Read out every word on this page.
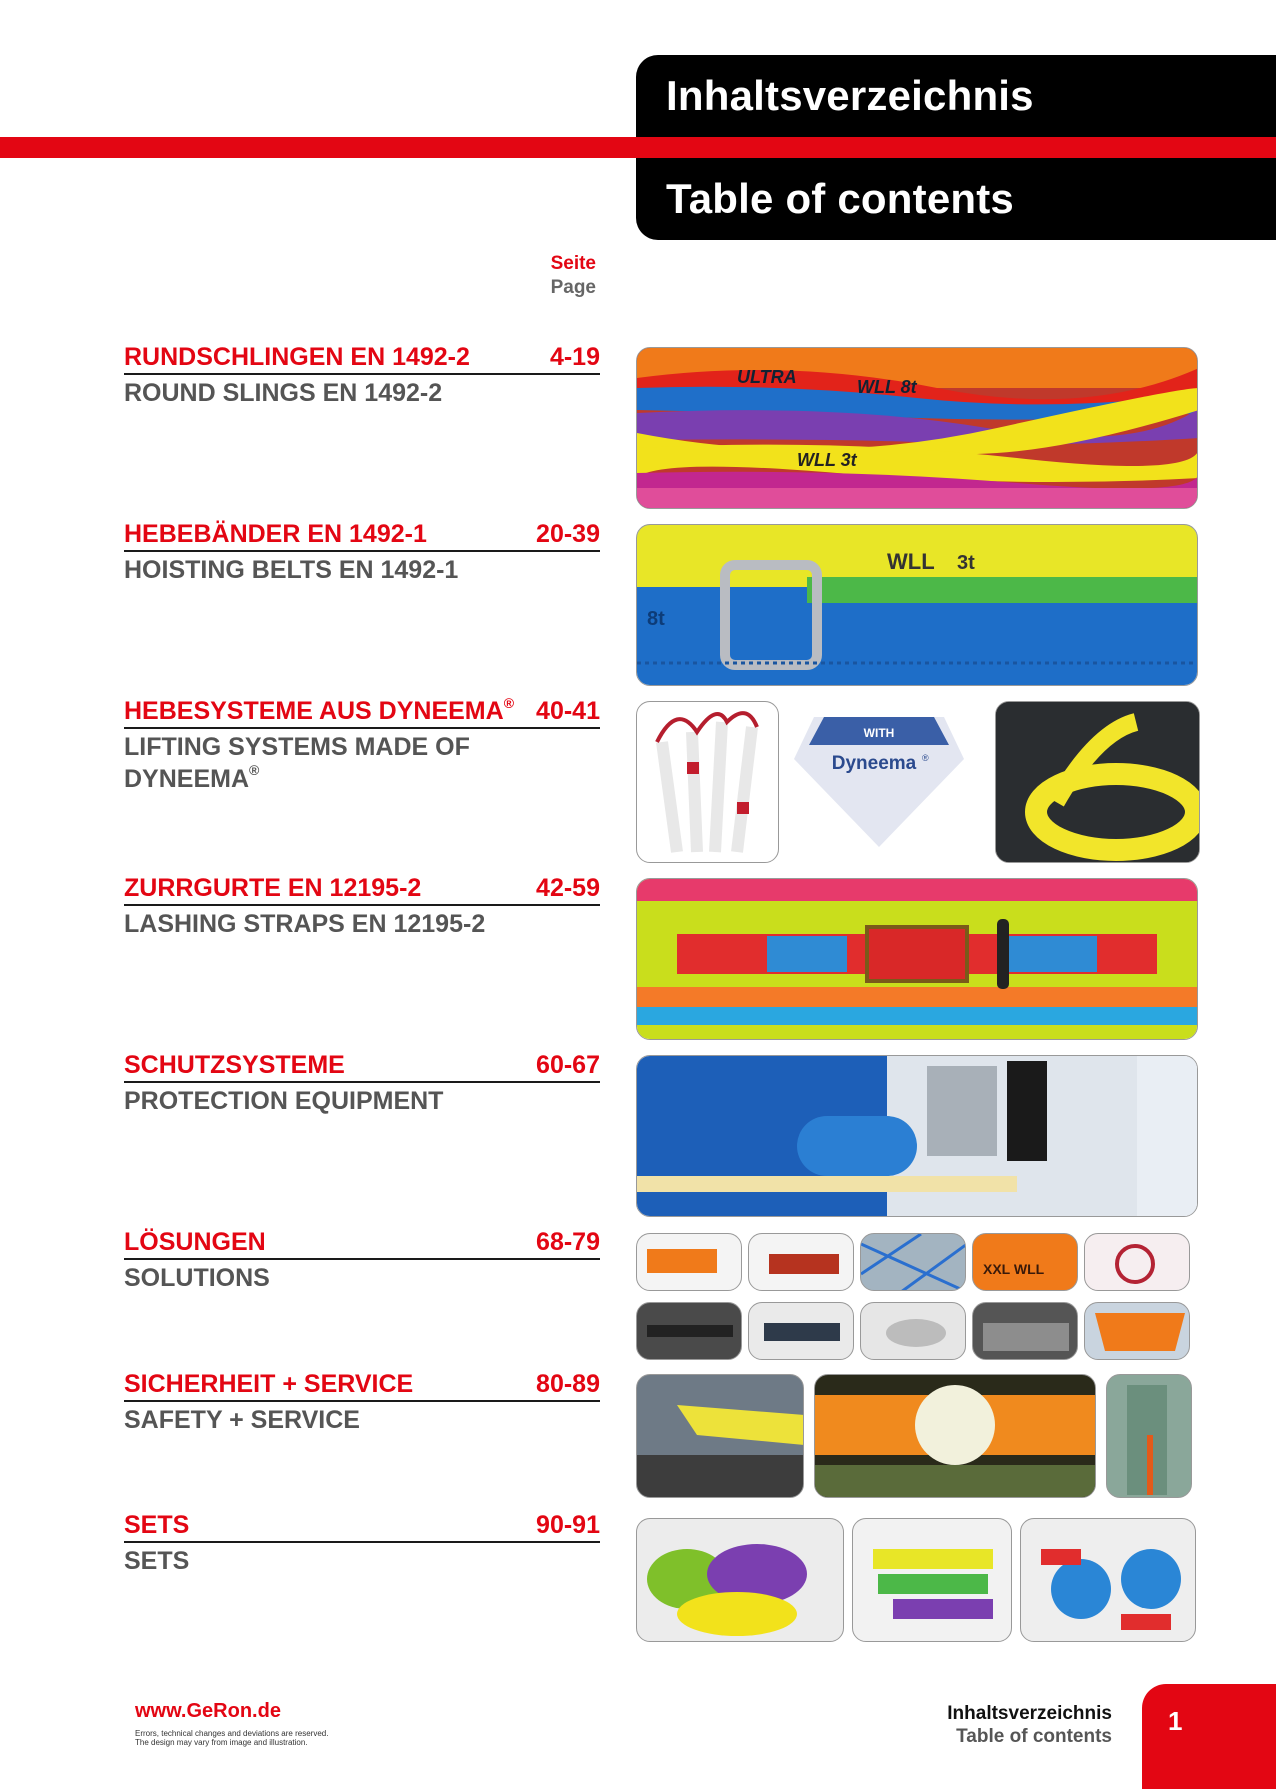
Inhaltsverzeichnis
Table of contents
Seite
Page
RUNDSCHLINGEN EN 1492-2	4-19
ROUND SLINGS EN 1492-2
HEBEBÄNDER EN 1492-1	20-39
HOISTING BELTS EN 1492-1
HEBESYSTEME AUS DYNEEMA® 40-41
LIFTING SYSTEMS MADE OF DYNEEMA®
ZURRGURTE EN 12195-2	42-59
LASHING STRAPS EN 12195-2
SCHUTZSYSTEME	60-67
PROTECTION EQUIPMENT
LÖSUNGEN	68-79
SOLUTIONS
SICHERHEIT + SERVICE	80-89
SAFETY + SERVICE
SETS	90-91
SETS
ULTRA	WLL 8t
WLL 3t
WLL 3t
8t
WITH
Dyneema ®
XXL WLL
www.GeRon.de
Errors, technical changes and deviations are reserved.
The design may vary from image and illustration.
Inhaltsverzeichnis
Table of contents
1
